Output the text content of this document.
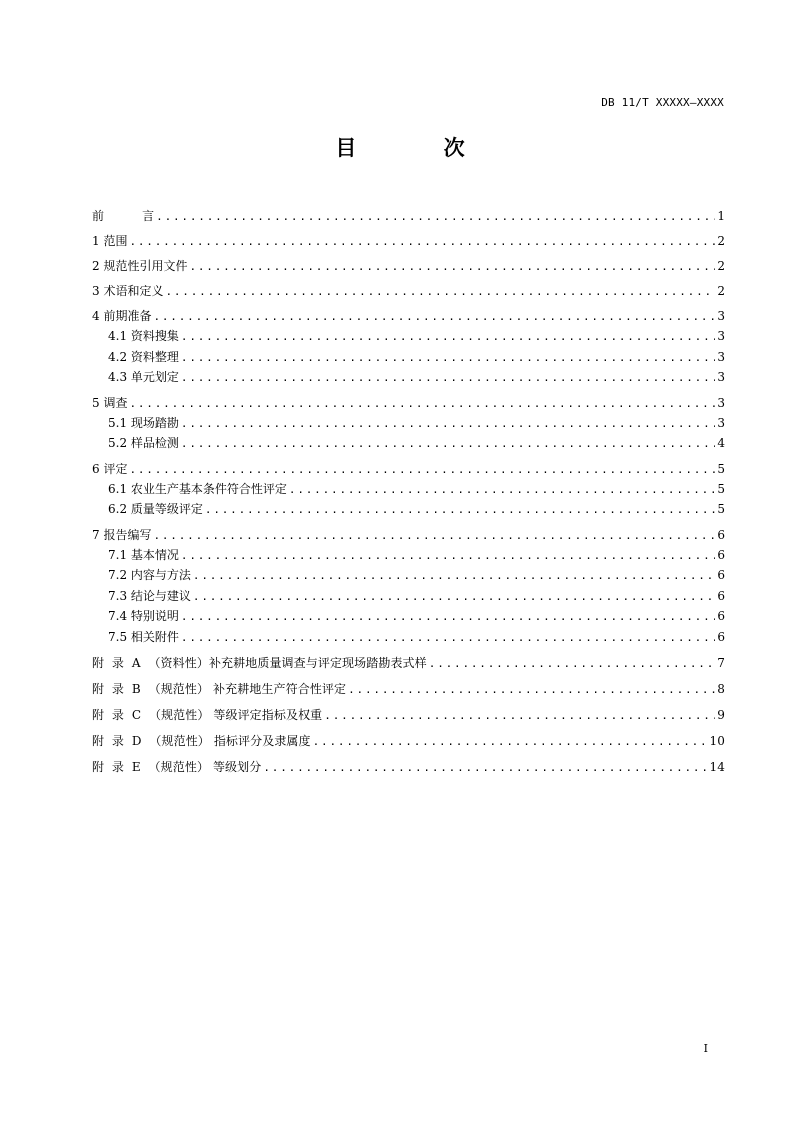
DB 11/T XXXXX—XXXX
目 次
前          言 .....	1
1 范围 .....	2
2 规范性引用文件 .....	2
3 术语和定义 .....	2
4 前期准备 .....	3
4.1 资料搜集 .....	3
4.2 资料整理 .....	3
4.3 单元划定 .....	3
5 调查 .....	3
5.1 现场踏勘 .....	3
5.2 样品检测 .....	4
6 评定 .....	5
6.1 农业生产基本条件符合性评定 .....	5
6.2 质量等级评定 .....	5
7 报告编写 .....	6
7.1 基本情况 .....	6
7.2 内容与方法 .....	6
7.3 结论与建议 .....	6
7.4 特别说明 .....	6
7.5 相关附件 .....	6
附  录  A  （资料性）补充耕地质量调查与评定现场踏勘表式样 .....	7
附  录  B  （规范性） 补充耕地生产符合性评定 .....	8
附  录  C  （规范性） 等级评定指标及权重 .....	9
附  录  D  （规范性） 指标评分及隶属度 .....	10
附  录  E  （规范性） 等级划分 .....	14
I
